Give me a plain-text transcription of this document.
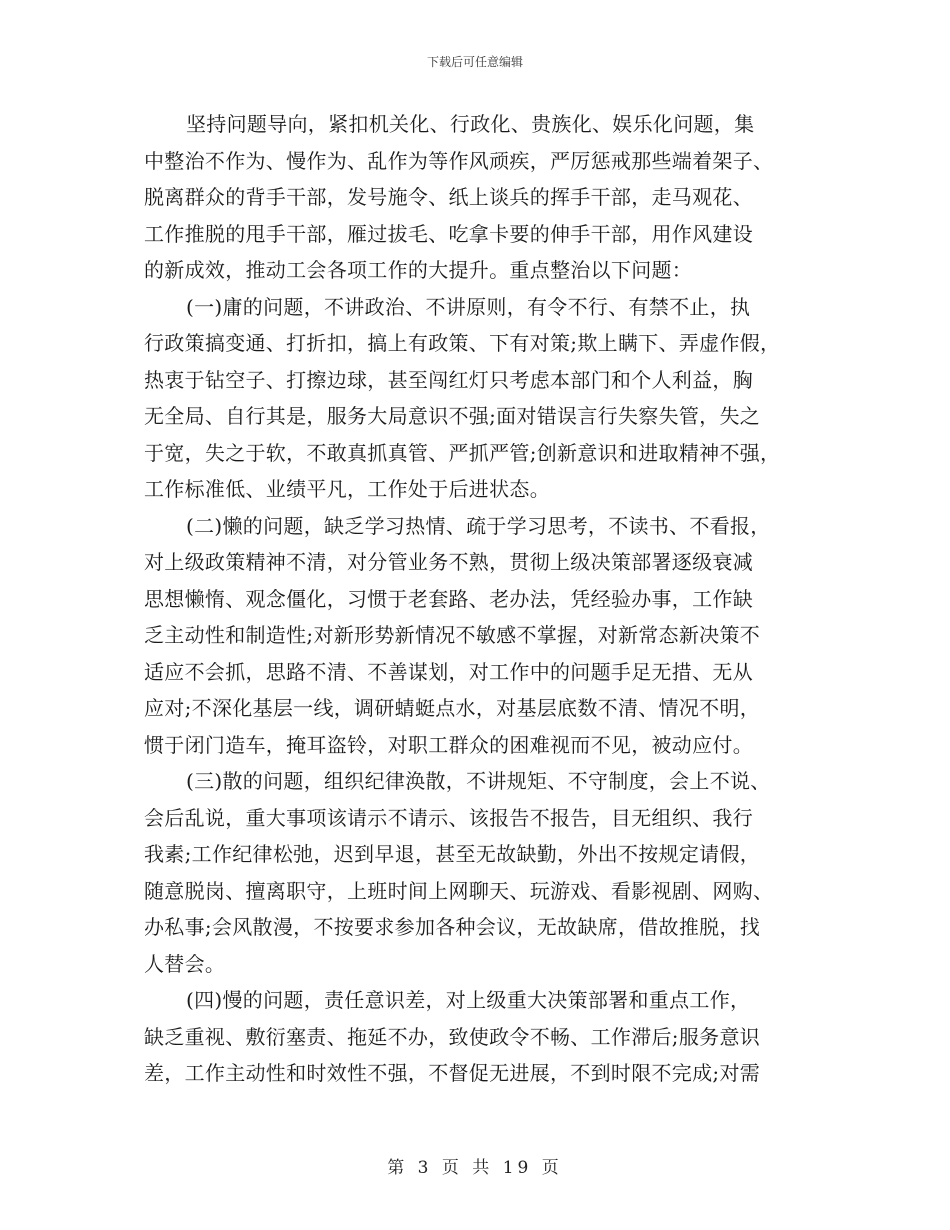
下载后可任意编辑
坚持问题导向，紧扣机关化、行政化、贵族化、娱乐化问题，集
中整治不作为、慢作为、乱作为等作风顽疾，严厉惩戒那些端着架子、
脱离群众的背手干部，发号施令、纸上谈兵的挥手干部，走马观花、
工作推脱的甩手干部，雁过拔毛、吃拿卡要的伸手干部，用作风建设
的新成效，推动工会各项工作的大提升。重点整治以下问题：
(一)庸的问题，不讲政治、不讲原则，有令不行、有禁不止，执
行政策搞变通、打折扣，搞上有政策、下有对策;欺上瞒下、弄虚作假，
热衷于钻空子、打擦边球，甚至闯红灯只考虑本部门和个人利益，胸
无全局、自行其是，服务大局意识不强;面对错误言行失察失管，失之
于宽，失之于软，不敢真抓真管、严抓严管;创新意识和进取精神不强，
工作标准低、业绩平凡，工作处于后进状态。
(二)懒的问题，缺乏学习热情、疏于学习思考，不读书、不看报，
对上级政策精神不清，对分管业务不熟，贯彻上级决策部署逐级衰减
思想懒惰、观念僵化，习惯于老套路、老办法，凭经验办事，工作缺
乏主动性和制造性;对新形势新情况不敏感不掌握，对新常态新决策不
适应不会抓，思路不清、不善谋划，对工作中的问题手足无措、无从
应对;不深化基层一线，调研蜻蜓点水，对基层底数不清、情况不明，
惯于闭门造车，掩耳盗铃，对职工群众的困难视而不见，被动应付。
(三)散的问题，组织纪律涣散，不讲规矩、不守制度，会上不说、
会后乱说，重大事项该请示不请示、该报告不报告，目无组织、我行
我素;工作纪律松弛，迟到早退，甚至无故缺勤，外出不按规定请假，
随意脱岗、擅离职守，上班时间上网聊天、玩游戏、看影视剧、网购、
办私事;会风散漫，不按要求参加各种会议，无故缺席，借故推脱，找
人替会。
(四)慢的问题，责任意识差，对上级重大决策部署和重点工作，
缺乏重视、敷衍塞责、拖延不办，致使政令不畅、工作滞后;服务意识
差，工作主动性和时效性不强，不督促无进展，不到时限不完成;对需
第 3 页 共 19 页
